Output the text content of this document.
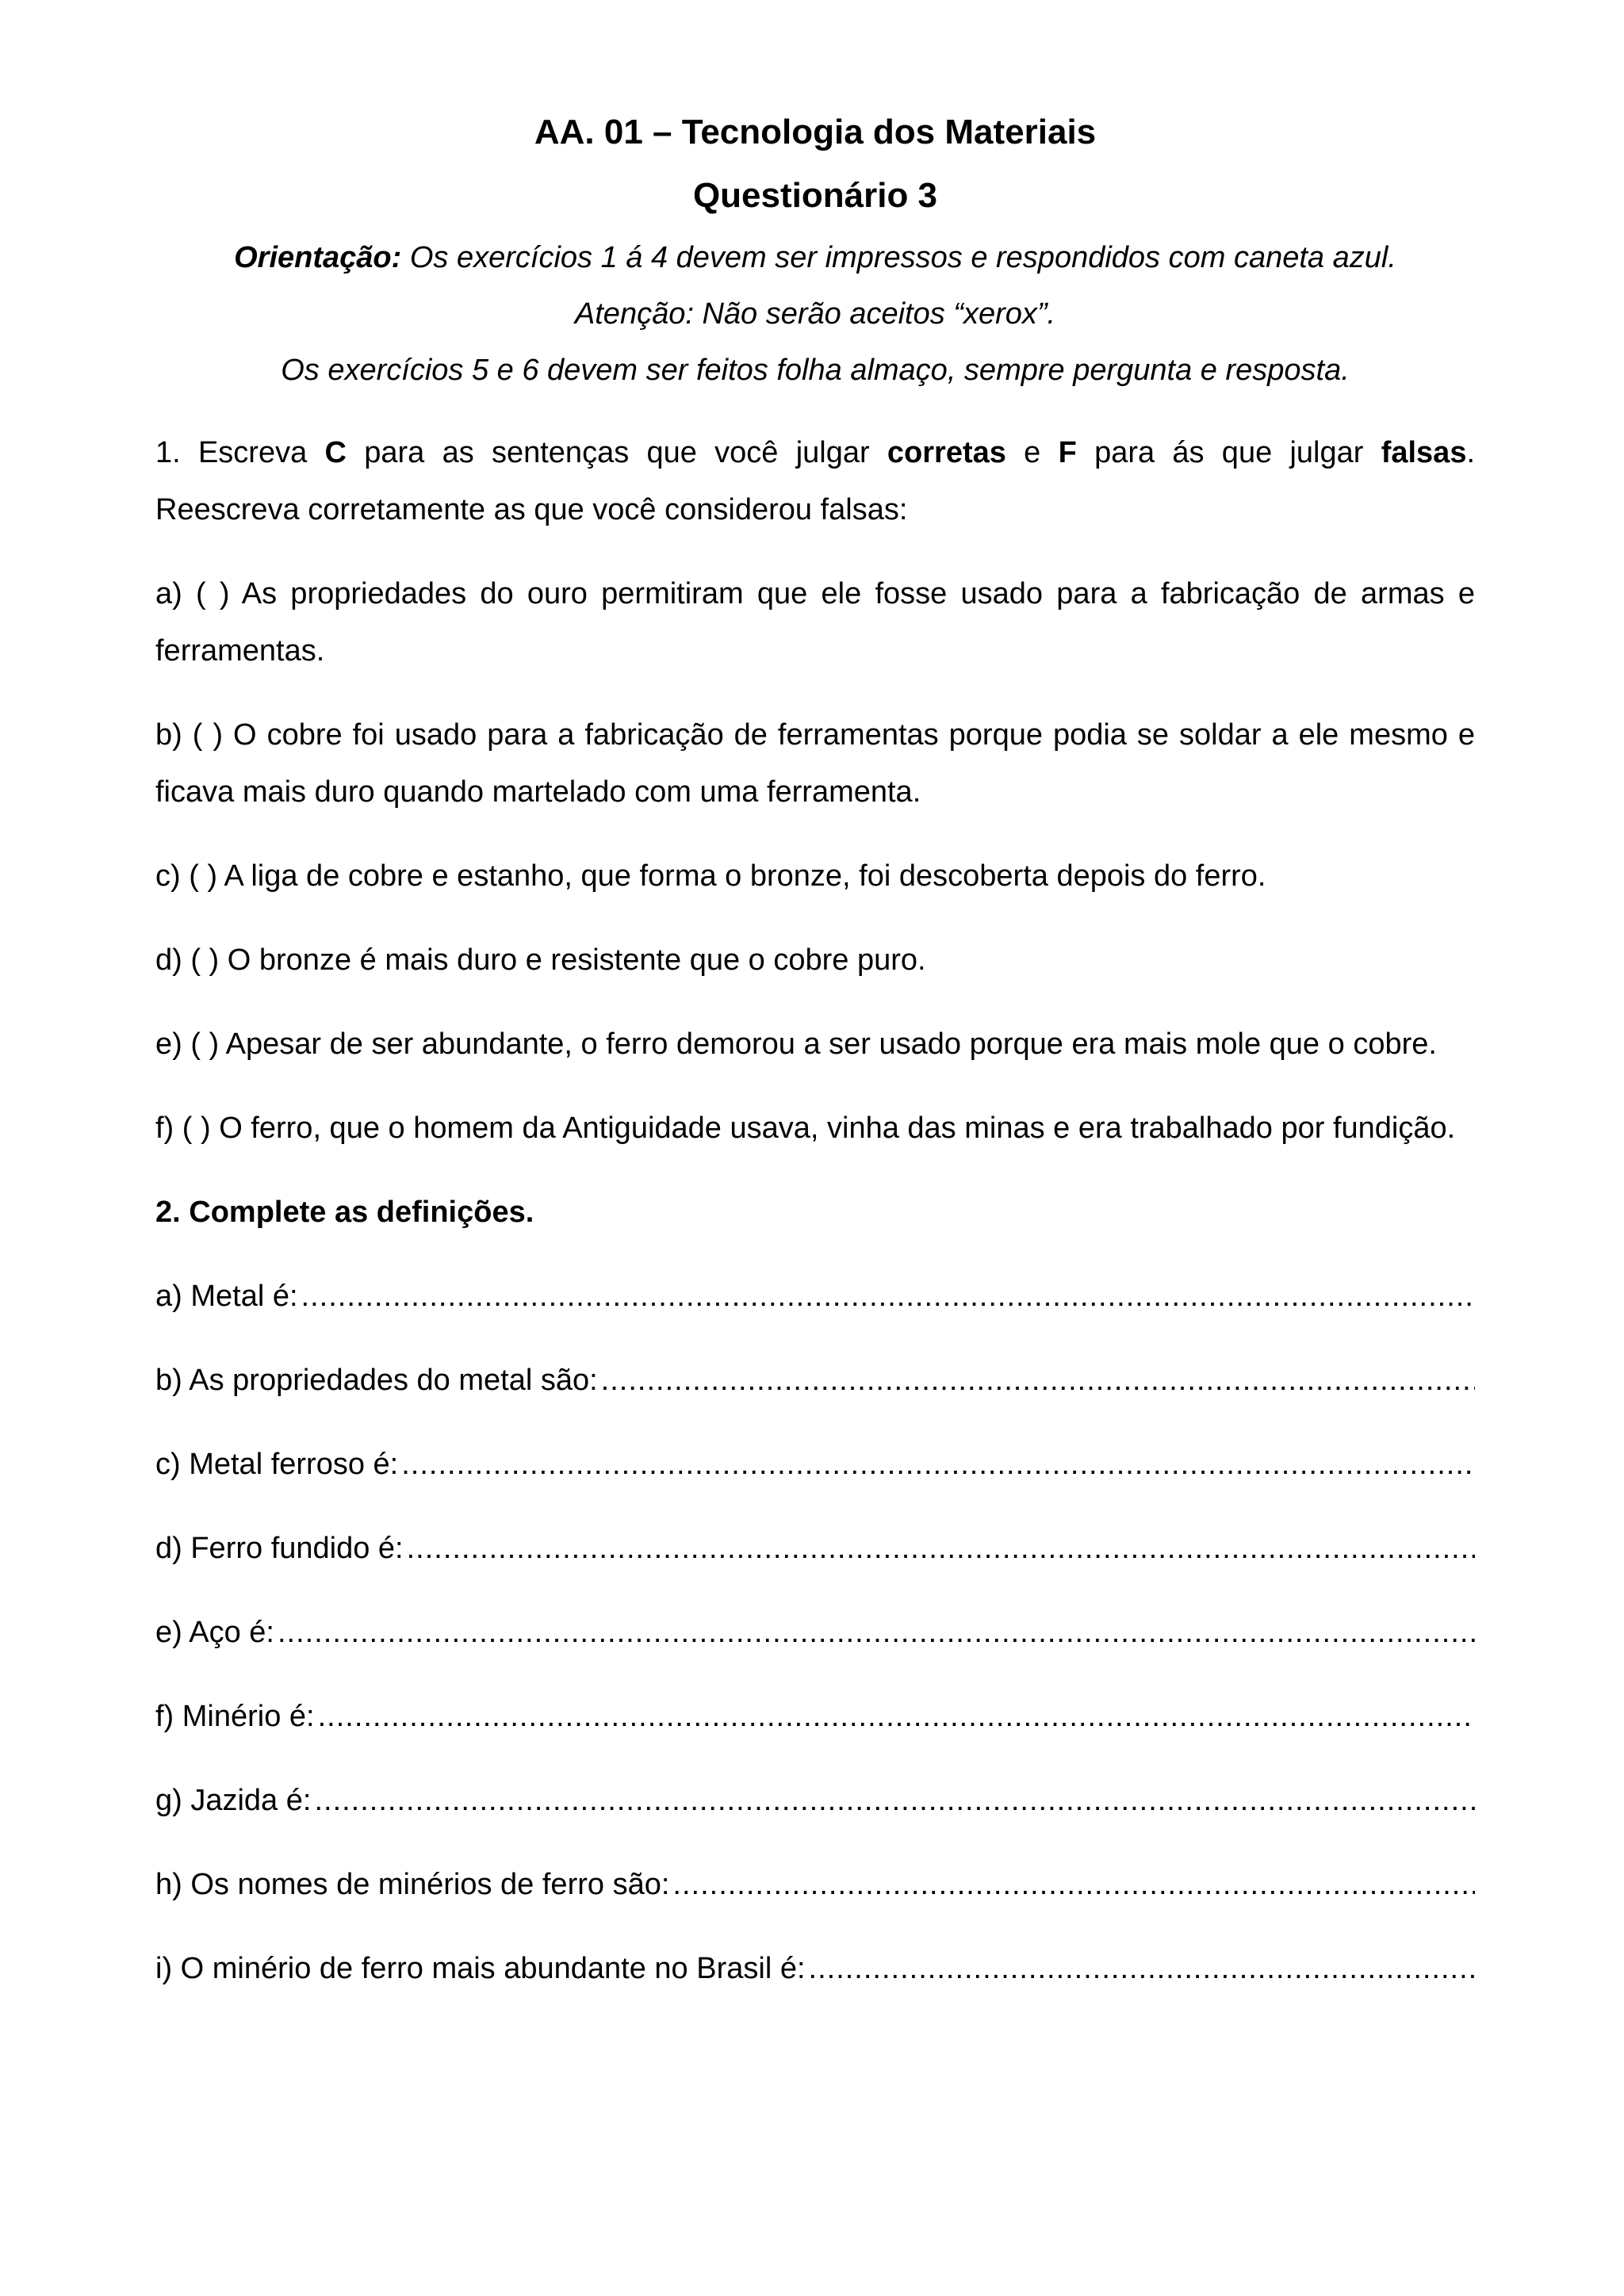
AA. 01 – Tecnologia dos Materiais
Questionário 3

Orientação: Os exercícios 1 á 4 devem ser impressos e respondidos com caneta azul.

Atenção: Não serão aceitos “xerox”.

Os exercícios 5 e 6 devem ser feitos folha almaço, sempre pergunta e resposta.

1. Escreva C para as sentenças que você julgar corretas e F para ás que julgar falsas. Reescreva corretamente as que você considerou falsas:

a) ( ) As propriedades do ouro permitiram que ele fosse usado para a fabricação de armas e ferramentas.

b) ( ) O cobre foi usado para a fabricação de ferramentas porque podia se soldar a ele mesmo e ficava mais duro quando martelado com uma ferramenta.

c) ( ) A liga de cobre e estanho, que forma o bronze, foi descoberta depois do ferro.

d) ( ) O bronze é mais duro e resistente que o cobre puro.

e) ( ) Apesar de ser abundante, o ferro demorou a ser usado porque era mais mole que o cobre.

f) ( ) O ferro, que o homem da Antiguidade usava, vinha das minas e era trabalhado por fundição.

2. Complete as definições.

a) Metal é:
.....
b) As propriedades do metal são:
.....
c) Metal ferroso é:
.....
d) Ferro fundido é:
.....
e) Aço é:
.....
f) Minério é:
.....
g) Jazida é:
.....
h) Os nomes de minérios de ferro são:
.....
i) O minério de ferro mais abundante no Brasil é:
.....
